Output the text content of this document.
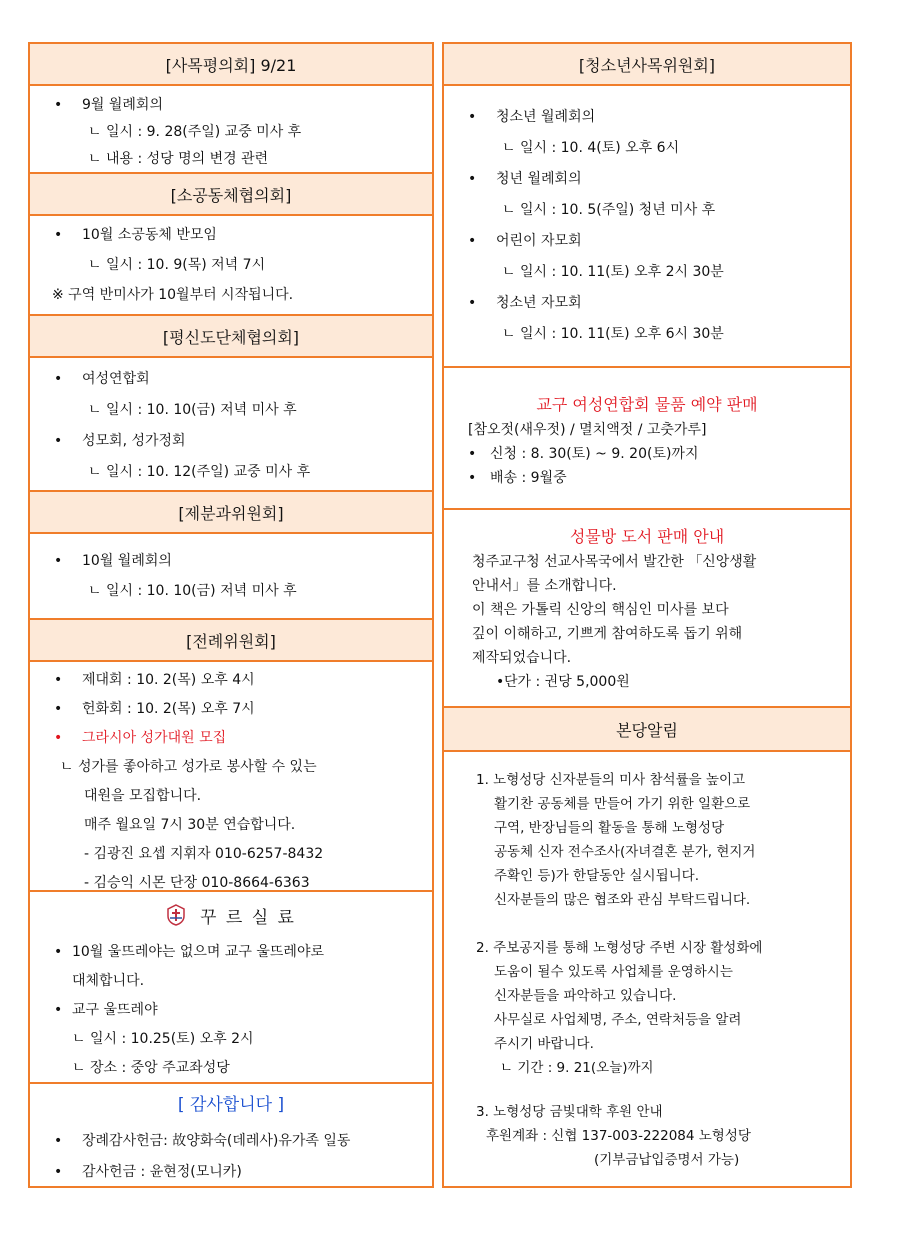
[사목평의회] 9/21
• 9월 월례회의
ㄴ 일시 : 9. 28(주일) 교중 미사 후
ㄴ 내용 : 성당 명의 변경 관련
[소공동체협의회]
• 10월 소공동체 반모임
ㄴ 일시 : 10. 9(목) 저녁 7시
※ 구역 반미사가 10월부터 시작됩니다.
[평신도단체협의회]
• 여성연합회
ㄴ 일시 : 10. 10(금) 저녁 미사 후
• 성모회, 성가정회
ㄴ 일시 : 10. 12(주일) 교중 미사 후
[제분과위원회]
• 10월 월례회의
ㄴ 일시 : 10. 10(금) 저녁 미사 후
[전례위원회]
• 제대회 : 10. 2(목) 오후 4시
• 헌화회 : 10. 2(목) 오후 7시
• 그라시아 성가대원 모집
ㄴ 성가를 좋아하고 성가로 봉사할 수 있는
대원을 모집합니다.
매주 월요일 7시 30분 연습합니다.
- 김광진 요셉 지휘자 010-6257-8432
- 김승익 시몬 단장 010-8664-6363
꾸 르 실 료
• 10월 울뜨레야는 없으며 교구 울뜨레야로
대체합니다.
• 교구 울뜨레야
ㄴ 일시 : 10.25(토) 오후 2시
ㄴ 장소 : 중앙 주교좌성당
[ 감사합니다 ]
• 장례감사헌금: 故양화숙(데레사)유가족 일동
• 감사헌금 : 윤현정(모니카)
[청소년사목위원회]
• 청소년 월례회의
ㄴ 일시 : 10. 4(토) 오후 6시
• 청년 월례회의
ㄴ 일시 : 10. 5(주일) 청년 미사 후
• 어린이 자모회
ㄴ 일시 : 10. 11(토) 오후 2시 30분
• 청소년 자모회
ㄴ 일시 : 10. 11(토) 오후 6시 30분
교구 여성연합회 물품 예약 판매
[참오젓(새우젓) / 멸치액젓 / 고춧가루]
• 신청 : 8. 30(토) ~ 9. 20(토)까지
• 배송 : 9월중
성물방 도서 판매 안내
청주교구청 선교사목국에서 발간한 「신앙생활
안내서」를 소개합니다.
이 책은 가톨릭 신앙의 핵심인 미사를 보다
깊이 이해하고, 기쁘게 참여하도록 돕기 위해
제작되었습니다.
• 단가 : 권당 5,000원
본당알림
1. 노형성당 신자분들의 미사 참석률을 높이고
활기찬 공동체를 만들어 가기 위한 일환으로
구역, 반장님들의 활동을 통해 노형성당
공동체 신자 전수조사(자녀결혼 분가, 현지거
주확인 등)가 한달동안 실시됩니다.
신자분들의 많은 협조와 관심 부탁드립니다.
2. 주보공지를 통해 노형성당 주변 시장 활성화에
도움이 될수 있도록 사업체를 운영하시는
신자분들을 파악하고 있습니다.
사무실로 사업체명, 주소, 연락처등을 알려
주시기 바랍니다.
ㄴ 기간 : 9. 21(오늘)까지
3. 노형성당 금빛대학 후원 안내
후원계좌 : 신협 137-003-222084 노형성당
(기부금납입증명서 가능)
